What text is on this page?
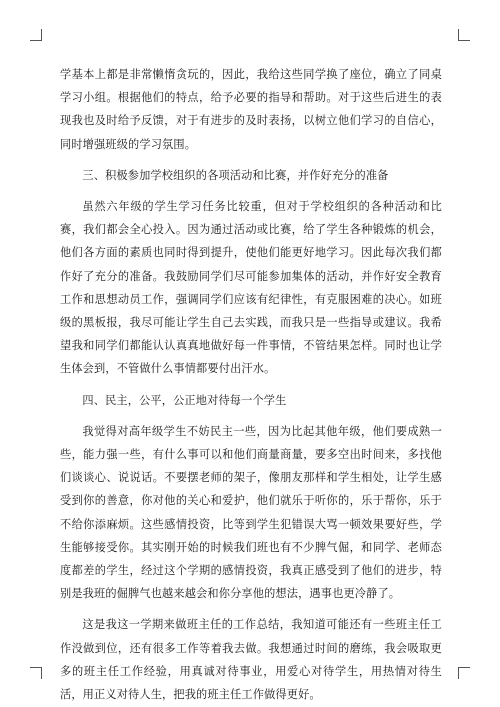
学基本上都是非常懒惰贪玩的，因此，我给这些同学换了座位，确立了同桌学习小组。根据他们的特点，给予必要的指导和帮助。对于这些后进生的表现我也及时给予反馈，对于有进步的及时表扬，以树立他们学习的自信心，同时增强班级的学习氛围。

三、积极参加学校组织的各项活动和比赛，并作好充分的准备

虽然六年级的学生学习任务比较重，但对于学校组织的各种活动和比赛，我们都会全心投入。因为通过活动或比赛，给了学生各种锻炼的机会，他们各方面的素质也同时得到提升，使他们能更好地学习。因此每次我们都作好了充分的准备。我鼓励同学们尽可能参加集体的活动，并作好安全教育工作和思想动员工作，强调同学们应该有纪律性，有克服困难的决心。如班级的黑板报，我尽可能让学生自己去实践，而我只是一些指导或建议。我希望我和同学们都能认认真真地做好每一件事情，不管结果怎样。同时也让学生体会到，不管做什么事情都要付出汗水。

四、民主，公平，公正地对待每一个学生

我觉得对高年级学生不妨民主一些，因为比起其他年级，他们要成熟一些，能力强一些，有什么事可以和他们商量商量，要多空出时间来，多找他们谈谈心、说说话。不要摆老师的架子，像朋友那样和学生相处，让学生感受到你的善意，你对他的关心和爱护，他们就乐于听你的，乐于帮你，乐于不给你添麻烦。这些感情投资，比等到学生犯错误大骂一顿效果要好些，学生能够接受你。其实刚开始的时候我们班也有不少脾气倔，和同学、老师态度都差的学生，经过这个学期的感情投资，我真正感受到了他们的进步，特别是我班的倔脾气也越来越会和你分享他的想法，遇事也更冷静了。

这是我这一学期来做班主任的工作总结，我知道可能还有一些班主任工作没做到位，还有很多工作等着我去做。我想通过时间的磨练，我会吸取更多的班主任工作经验，用真诚对待事业，用爱心对待学生，用热情对待生活，用正义对待人生，把我的班主任工作做得更好。
